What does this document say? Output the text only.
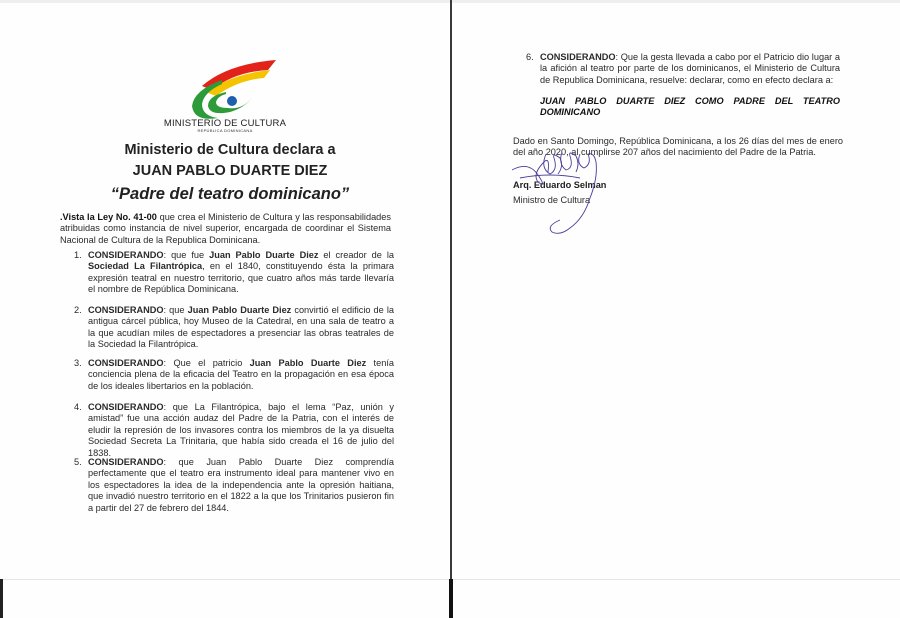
MINISTERIO DE CULTURA
REPÚBLICA DOMINICANA
Ministerio de Cultura declara a
JUAN PABLO DUARTE DIEZ
“Padre del teatro dominicano”
.Vista la Ley No. 41-00 que crea el Ministerio de Cultura y las responsabilidades atribuidas como instancia de nivel superior, encargada de coordinar el Sistema Nacional de Cultura de la Republica Dominicana.
1. CONSIDERANDO: que fue Juan Pablo Duarte Diez el creador de la Sociedad La Filantrópica, en el 1840, constituyendo ésta la primara expresión teatral en nuestro territorio, que cuatro años más tarde llevaría el nombre de República Dominicana.
2. CONSIDERANDO: que Juan Pablo Duarte Diez convirtió el edificio de la antigua cárcel pública, hoy Museo de la Catedral, en una sala de teatro a la que acudían miles de espectadores a presenciar las obras teatrales de la Sociedad la Filantrópica.
3. CONSIDERANDO: Que el patricio Juan Pablo Duarte Diez tenía conciencia plena de la eficacia del Teatro en la propagación en esa época de los ideales libertarios en la población.
4. CONSIDERANDO: que La Filantrópica, bajo el lema “Paz, unión y amistad” fue una acción audaz del Padre de la Patria, con el interés de eludir la represión de los invasores contra los miembros de la ya disuelta Sociedad Secreta La Trinitaria, que había sido creada el 16 de julio del 1838.
5. CONSIDERANDO: que Juan Pablo Duarte Diez comprendía perfectamente que el teatro era instrumento ideal para mantener vivo en los espectadores la idea de la independencia ante la opresión haitiana, que invadió nuestro territorio en el 1822 a la que los Trinitarios pusieron fin a partir del 27 de febrero del 1844.
6. CONSIDERANDO: Que la gesta llevada a cabo por el Patricio dio lugar a la afición al teatro por parte de los dominicanos, el Ministerio de Cultura de Republica Dominicana, resuelve: declarar, como en efecto declara a:
JUAN PABLO DUARTE DIEZ COMO PADRE DEL TEATRO
DOMINICANO
Dado en Santo Domingo, República Dominicana, a los 26 días del mes de enero del año 2020, al cumplirse 207 años del nacimiento del Padre de la Patria.
Arq. Eduardo Selman
Ministro de Cultura
